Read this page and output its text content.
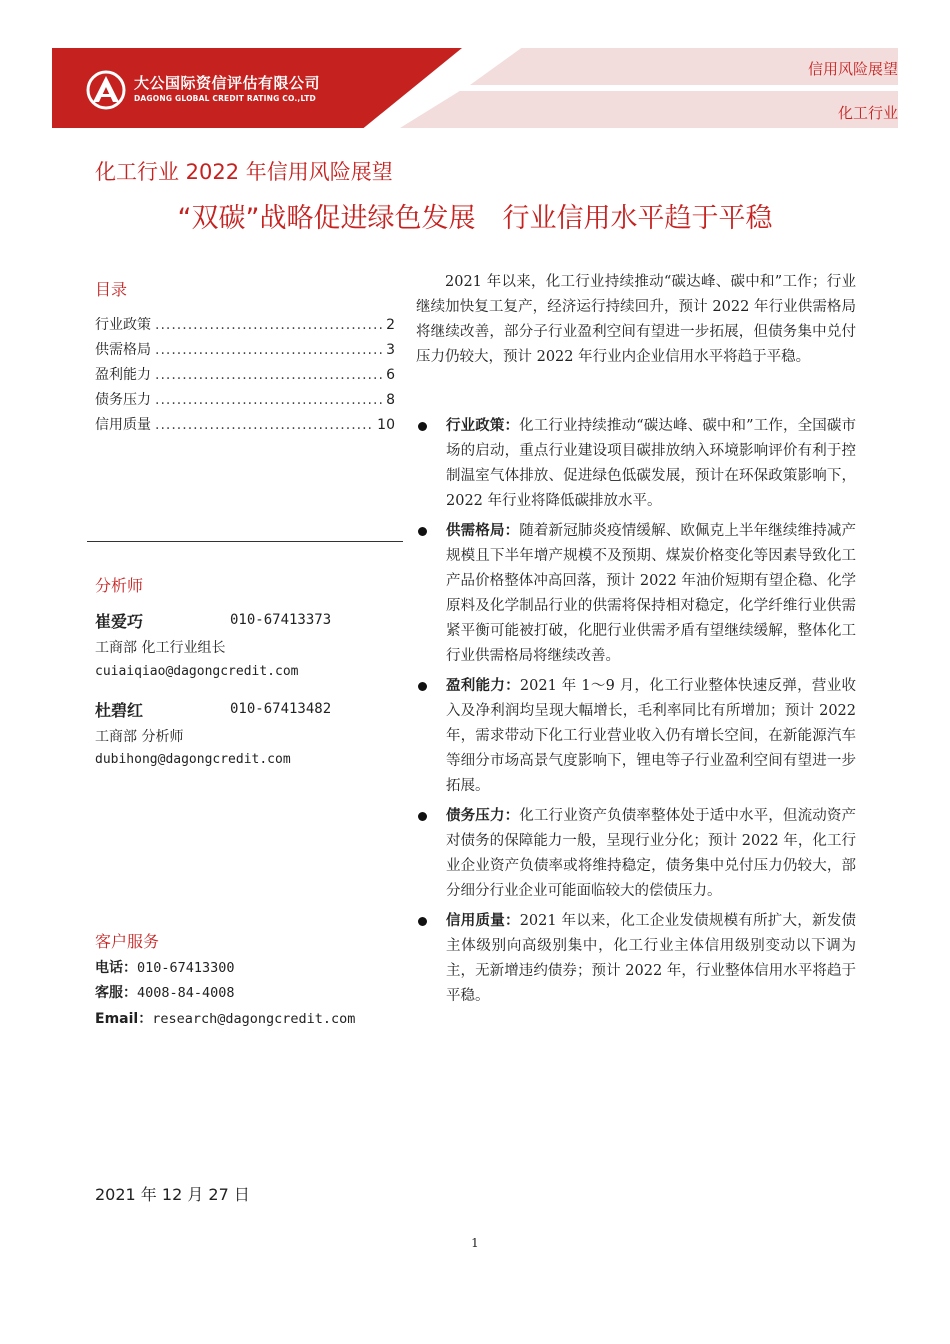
信用风险展望
化工行业
大公国际资信评估有限公司
DAGONG GLOBAL CREDIT RATING CO.,LTD
化工行业 2022 年信用风险展望
“双碳”战略促进绿色发展　行业信用水平趋于平稳
目录
行业政策 .....	2
供需格局 .....	3
盈利能力 .....	6
债务压力 .....	8
信用质量 .....	10
分析师
崔爱巧	010-67413373
工商部 化工行业组长
cuiaiqiao@dagongcredit.com
杜碧红	010-67413482
工商部 分析师
dubihong@dagongcredit.com
客户服务
电话：010-67413300
客服：4008-84-4008
Email：research@dagongcredit.com
2021 年 12 月 27 日

2021 年以来，化工行业持续推动“碳达峰、碳中和”工作；行业继续加快复工复产，经济运行持续回升，预计 2022 年行业供需格局将继续改善，部分子行业盈利空间有望进一步拓展，但债务集中兑付压力仍较大，预计 2022 年行业内企业信用水平将趋于平稳。

行业政策：化工行业持续推动“碳达峰、碳中和”工作，全国碳市场的启动，重点行业建设项目碳排放纳入环境影响评价有利于控制温室气体排放、促进绿色低碳发展，预计在环保政策影响下，2022 年行业将降低碳排放水平。
供需格局：随着新冠肺炎疫情缓解、欧佩克上半年继续维持减产规模且下半年增产规模不及预期、煤炭价格变化等因素导致化工产品价格整体冲高回落，预计 2022 年油价短期有望企稳、化学原料及化学制品行业的供需将保持相对稳定，化学纤维行业供需紧平衡可能被打破，化肥行业供需矛盾有望继续缓解，整体化工行业供需格局将继续改善。
盈利能力：2021 年 1～9 月，化工行业整体快速反弹，营业收入及净利润均呈现大幅增长，毛利率同比有所增加；预计 2022 年，需求带动下化工行业营业收入仍有增长空间，在新能源汽车等细分市场高景气度影响下，锂电等子行业盈利空间有望进一步拓展。
债务压力：化工行业资产负债率整体处于适中水平，但流动资产对债务的保障能力一般，呈现行业分化；预计 2022 年，化工行业企业资产负债率或将维持稳定，债务集中兑付压力仍较大，部分细分行业企业可能面临较大的偿债压力。
信用质量：2021 年以来，化工企业发债规模有所扩大，新发债主体级别向高级别集中，化工行业主体信用级别变动以下调为主，无新增违约债券；预计 2022 年，行业整体信用水平将趋于平稳。
1
